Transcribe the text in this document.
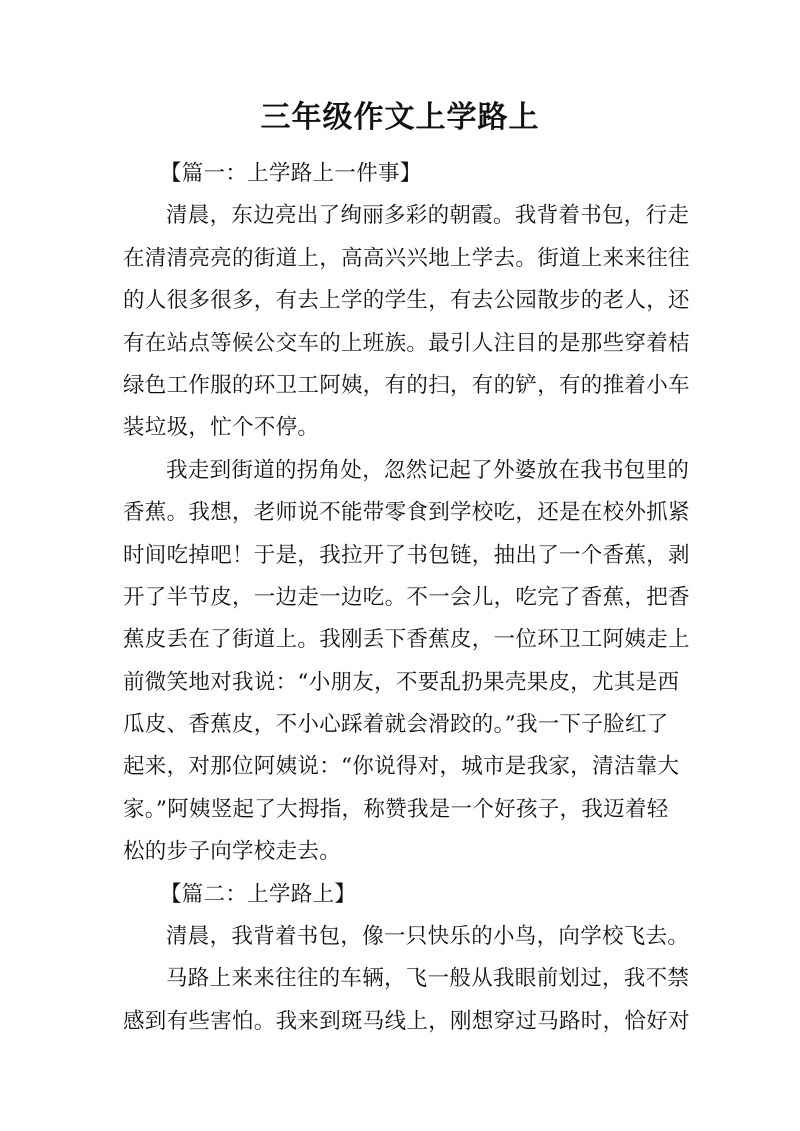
三年级作文上学路上
【篇一：上学路上一件事】
清晨，东边亮出了绚丽多彩的朝霞。我背着书包，行走
在清清亮亮的街道上，高高兴兴地上学去。街道上来来往往
的人很多很多，有去上学的学生，有去公园散步的老人，还
有在站点等候公交车的上班族。最引人注目的是那些穿着桔
绿色工作服的环卫工阿姨，有的扫，有的铲，有的推着小车
装垃圾，忙个不停。
我走到街道的拐角处，忽然记起了外婆放在我书包里的
香蕉。我想，老师说不能带零食到学校吃，还是在校外抓紧
时间吃掉吧！于是，我拉开了书包链，抽出了一个香蕉，剥
开了半节皮，一边走一边吃。不一会儿，吃完了香蕉，把香
蕉皮丢在了街道上。我刚丢下香蕉皮，一位环卫工阿姨走上
前微笑地对我说：“小朋友，不要乱扔果壳果皮，尤其是西
瓜皮、香蕉皮，不小心踩着就会滑跤的。”我一下子脸红了
起来，对那位阿姨说：“你说得对，城市是我家，清洁靠大
家。”阿姨竖起了大拇指，称赞我是一个好孩子，我迈着轻
松的步子向学校走去。
【篇二：上学路上】
清晨，我背着书包，像一只快乐的小鸟，向学校飞去。
马路上来来往往的车辆，飞一般从我眼前划过，我不禁
感到有些害怕。我来到斑马线上，刚想穿过马路时，恰好对
